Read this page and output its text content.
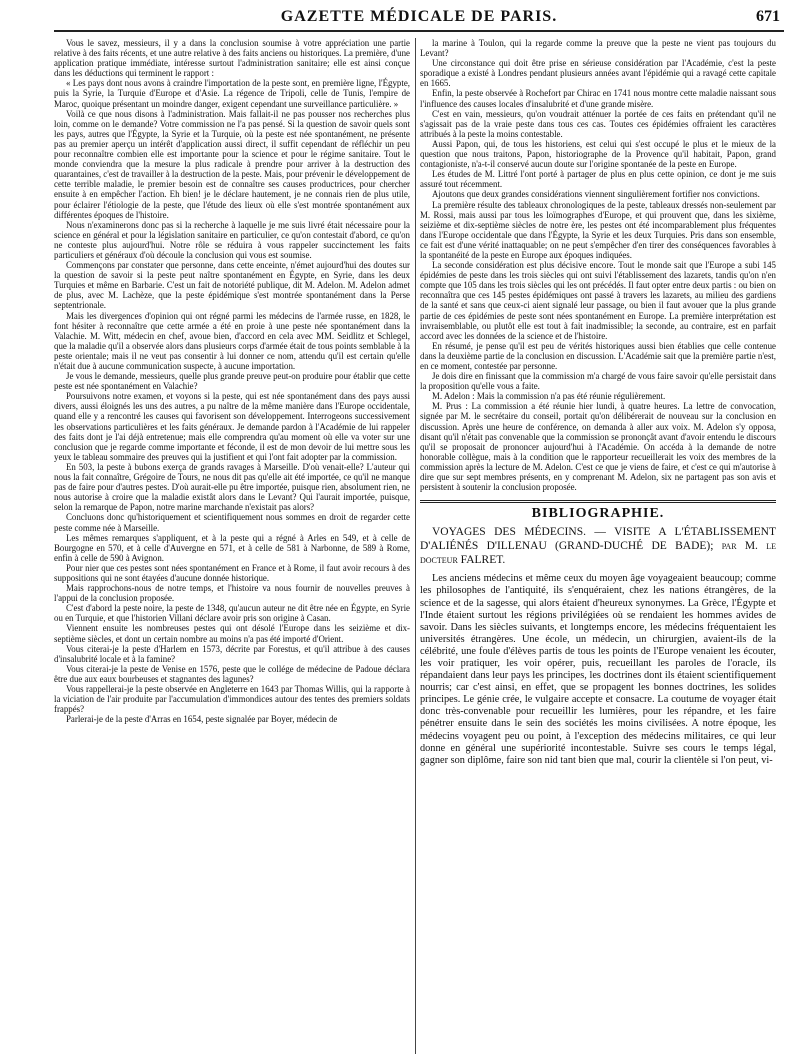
GAZETTE MÉDICALE DE PARIS.	671

Vous le savez, messieurs, il y a dans la conclusion soumise à votre appréciation une partie relative à des faits récents, et une autre relative à des faits anciens ou historiques. La première, d'une application pratique immédiate, intéresse surtout l'administration sanitaire; elle est ainsi conçue dans les déductions qui terminent le rapport :

« Les pays dont nous avons à craindre l'importation de la peste sont, en première ligne, l'Égypte, puis la Syrie, la Turquie d'Europe et d'Asie. La régence de Tripoli, celle de Tunis, l'empire de Maroc, quoique présentant un moindre danger, exigent cependant une surveillance particulière. »

Voilà ce que nous disons à l'administration. Mais fallait-il ne pas pousser nos recherches plus loin, comme on le demande? Votre commission ne l'a pas pensé. Si la question de savoir quels sont les pays, autres que l'Égypte, la Syrie et la Turquie, où la peste est née spontanément, ne présente pas au premier aperçu un intérêt d'application aussi direct, il suffit cependant de réfléchir un peu pour reconnaître combien elle est importante pour la science et pour le régime sanitaire. Tout le monde conviendra que la mesure la plus radicale à prendre pour arriver à la destruction des quarantaines, c'est de travailler à la destruction de la peste. Mais, pour prévenir le développement de cette terrible maladie, le premier besoin est de connaître ses causes productrices, pour chercher ensuite à en empêcher l'action. Eh bien! je le déclare hautement, je ne connais rien de plus utile, pour éclairer l'étiologie de la peste, que l'étude des lieux où elle s'est montrée spontanément aux différentes époques de l'histoire.

Nous n'examinerons donc pas si la recherche à laquelle je me suis livré était nécessaire pour la science en général et pour la législation sanitaire en particulier, ce qu'on contestait d'abord, ce qu'on ne conteste plus aujourd'hui. Notre rôle se réduira à vous rappeler succinctement les faits particuliers et généraux d'où découle la conclusion qui vous est soumise.

Commençons par constater que personne, dans cette enceinte, n'émet aujourd'hui des doutes sur la question de savoir si la peste peut naître spontanément en Égypte, en Syrie, dans les deux Turquies et même en Barbarie. C'est un fait de notoriété publique, dit M. Adelon. M. Adelon admet de plus, avec M. Lachèze, que la peste épidémique s'est montrée spontanément dans la Perse septentrionale.

Mais les divergences d'opinion qui ont régné parmi les médecins de l'armée russe, en 1828, le font hésiter à reconnaître que cette armée a été en proie à une peste née spontanément dans la Valachie. M. Witt, médecin en chef, avoue bien, d'accord en cela avec MM. Seidlitz et Schlegel, que la maladie qu'il a observée alors dans plusieurs corps d'armée était de tous points semblable à la peste orientale; mais il ne veut pas consentir à lui donner ce nom, attendu qu'il est certain qu'elle n'était due à aucune communication suspecte, à aucune importation.

Je vous le demande, messieurs, quelle plus grande preuve peut-on produire pour établir que cette peste est née spontanément en Valachie?

Poursuivons notre examen, et voyons si la peste, qui est née spontanément dans des pays aussi divers, aussi éloignés les uns des autres, a pu naître de la même manière dans l'Europe occidentale, quand elle y a rencontré les causes qui favorisent son développement. Interrogeons successivement les observations particulières et les faits généraux. Je demande pardon à l'Académie de lui rappeler des faits dont je l'ai déjà entretenue; mais elle comprendra qu'au moment où elle va voter sur une conclusion que je regarde comme importante et féconde, il est de mon devoir de lui mettre sous les yeux le tableau sommaire des preuves qui la justifient et qui l'ont fait adopter par la commission.

En 503, la peste à bubons exerça de grands ravages à Marseille. D'où venait-elle? L'auteur qui nous la fait connaître, Grégoire de Tours, ne nous dit pas qu'elle ait été importée, ce qu'il ne manque pas de faire pour d'autres pestes. D'où aurait-elle pu être importée, puisque rien, absolument rien, ne nous autorise à croire que la maladie existât alors dans le Levant? Qui l'aurait importée, puisque, selon la remarque de Papon, notre marine marchande n'existait pas alors?

Concluons donc qu'historiquement et scientifiquement nous sommes en droit de regarder cette peste comme née à Marseille.

Les mêmes remarques s'appliquent, et à la peste qui a régné à Arles en 549, et à celle de Bourgogne en 570, et à celle d'Auvergne en 571, et à celle de 581 à Narbonne, de 589 à Rome, enfin à celle de 590 à Avignon.

Pour nier que ces pestes sont nées spontanément en France et à Rome, il faut avoir recours à des suppositions qui ne sont étayées d'aucune donnée historique.

Mais rapprochons-nous de notre temps, et l'histoire va nous fournir de nouvelles preuves à l'appui de la conclusion proposée.

C'est d'abord la peste noire, la peste de 1348, qu'aucun auteur ne dit être née en Égypte, en Syrie ou en Turquie, et que l'historien Villani déclare avoir pris son origine à Casan.

Viennent ensuite les nombreuses pestes qui ont désolé l'Europe dans les seizième et dix-septième siècles, et dont un certain nombre au moins n'a pas été importé d'Orient.

Vous citerai-je la peste d'Harlem en 1573, décrite par Forestus, et qu'il attribue à des causes d'insalubrité locale et à la famine?

Vous citerai-je la peste de Venise en 1576, peste que le collége de médecine de Padoue déclara être due aux eaux bourbeuses et stagnantes des lagunes?

Vous rappellerai-je la peste observée en Angleterre en 1643 par Thomas Willis, qui la rapporte à la viciation de l'air produite par l'accumulation d'immondices autour des tentes des premiers soldats frappés?

Parlerai-je de la peste d'Arras en 1654, peste signalée par Boyer, médecin de

la marine à Toulon, qui la regarde comme la preuve que la peste ne vient pas toujours du Levant?

Une circonstance qui doit être prise en sérieuse considération par l'Académie, c'est la peste sporadique a existé à Londres pendant plusieurs années avant l'épidémie qui a ravagé cette capitale en 1665.

Enfin, la peste observée à Rochefort par Chirac en 1741 nous montre cette maladie naissant sous l'influence des causes locales d'insalubrité et d'une grande misère.

C'est en vain, messieurs, qu'on voudrait atténuer la portée de ces faits en prétendant qu'il ne s'agissait pas de la vraie peste dans tous ces cas. Toutes ces épidémies offraient les caractères attribués à la peste la moins contestable.

Aussi Papon, qui, de tous les historiens, est celui qui s'est occupé le plus et le mieux de la question que nous traitons, Papon, historiographe de la Provence qu'il habitait, Papon, grand contagioniste, n'a-t-il conservé aucun doute sur l'origine spontanée de la peste en Europe.

Les études de M. Littré l'ont porté à partager de plus en plus cette opinion, ce dont je me suis assuré tout récemment.

Ajoutons que deux grandes considérations viennent singulièrement fortifier nos convictions.

La première résulte des tableaux chronologiques de la peste, tableaux dressés non-seulement par M. Rossi, mais aussi par tous les loïmographes d'Europe, et qui prouvent que, dans les sixième, seizième et dix-septième siècles de notre ère, les pestes ont été incomparablement plus fréquentes dans l'Europe occidentale que dans l'Égypte, la Syrie et les deux Turquies. Pris dans son ensemble, ce fait est d'une vérité inattaquable; on ne peut s'empêcher d'en tirer des conséquences favorables à la spontanéité de la peste en Europe aux époques indiquées.

La seconde considération est plus décisive encore. Tout le monde sait que l'Europe a subi 145 épidémies de peste dans les trois siècles qui ont suivi l'établissement des lazarets, tandis qu'on n'en compte que 105 dans les trois siècles qui les ont précédés. Il faut opter entre deux partis : ou bien on reconnaîtra que ces 145 pestes épidémiques ont passé à travers les lazarets, au milieu des gardiens de la santé et sans que ceux-ci aient signalé leur passage, ou bien il faut avouer que la plus grande partie de ces épidémies de peste sont nées spontanément en Europe. La première interprétation est invraisemblable, ou plutôt elle est tout à fait inadmissible; la seconde, au contraire, est en parfait accord avec les données de la science et de l'histoire.

En résumé, je pense qu'il est peu de vérités historiques aussi bien établies que celle contenue dans la deuxième partie de la conclusion en discussion. L'Académie sait que la première partie n'est, en ce moment, contestée par personne.

Je dois dire en finissant que la commission m'a chargé de vous faire savoir qu'elle persistait dans la proposition qu'elle vous a faite.

M. Adelon : Mais la commission n'a pas été réunie régulièrement.

M. Prus : La commission a été réunie hier lundi, à quatre heures. La lettre de convocation, signée par M. le secrétaire du conseil, portait qu'on délibérerait de nouveau sur la conclusion en discussion. Après une heure de conférence, on demanda à aller aux voix. M. Adelon s'y opposa, disant qu'il n'était pas convenable que la commission se prononçât avant d'avoir entendu le discours qu'il se proposait de prononcer aujourd'hui à l'Académie. On accéda à la demande de notre honorable collègue, mais à la condition que le rapporteur recueillerait les voix des membres de la commission après la lecture de M. Adelon. C'est ce que je viens de faire, et c'est ce qui m'autorise à dire que sur sept membres présents, en y comprenant M. Adelon, six ne partagent pas son avis et persistent à soutenir la conclusion proposée.

BIBLIOGRAPHIE.

VOYAGES DES MÉDECINS. — VISITE A L'ÉTABLISSEMENT D'ALIÉNÉS D'ILLENAU (GRAND-DUCHÉ DE BADE); par M. le docteur FALRET.

Les anciens médecins et même ceux du moyen âge voyageaient beaucoup; comme les philosophes de l'antiquité, ils s'enquéraient, chez les nations étrangères, de la science et de la sagesse, qui alors étaient d'heureux synonymes. La Grèce, l'Égypte et l'Inde étaient surtout les régions privilégiées où se rendaient les hommes avides de savoir. Dans les siècles suivants, et longtemps encore, les médecins fréquentaient les universités étrangères. Une école, un médecin, un chirurgien, avaient-ils de la célébrité, une foule d'élèves partis de tous les points de l'Europe venaient les écouter, les voir pratiquer, les voir opérer, puis, recueillant les paroles de l'oracle, ils répandaient dans leur pays les principes, les doctrines dont ils étaient scientifiquement nourris; car c'est ainsi, en effet, que se propagent les bonnes doctrines, les solides principes. Le génie crée, le vulgaire accepte et consacre. La coutume de voyager était donc très-convenable pour recueillir les lumières, pour les répandre, et les faire pénétrer ensuite dans le sein des sociétés les moins civilisées. A notre époque, les médecins voyagent peu ou point, à l'exception des médecins militaires, ce qui leur donne en général une supériorité incontestable. Suivre ses cours le temps légal, gagner son diplôme, faire son nid tant bien que mal, courir la clientèle si l'on peut, vi-
